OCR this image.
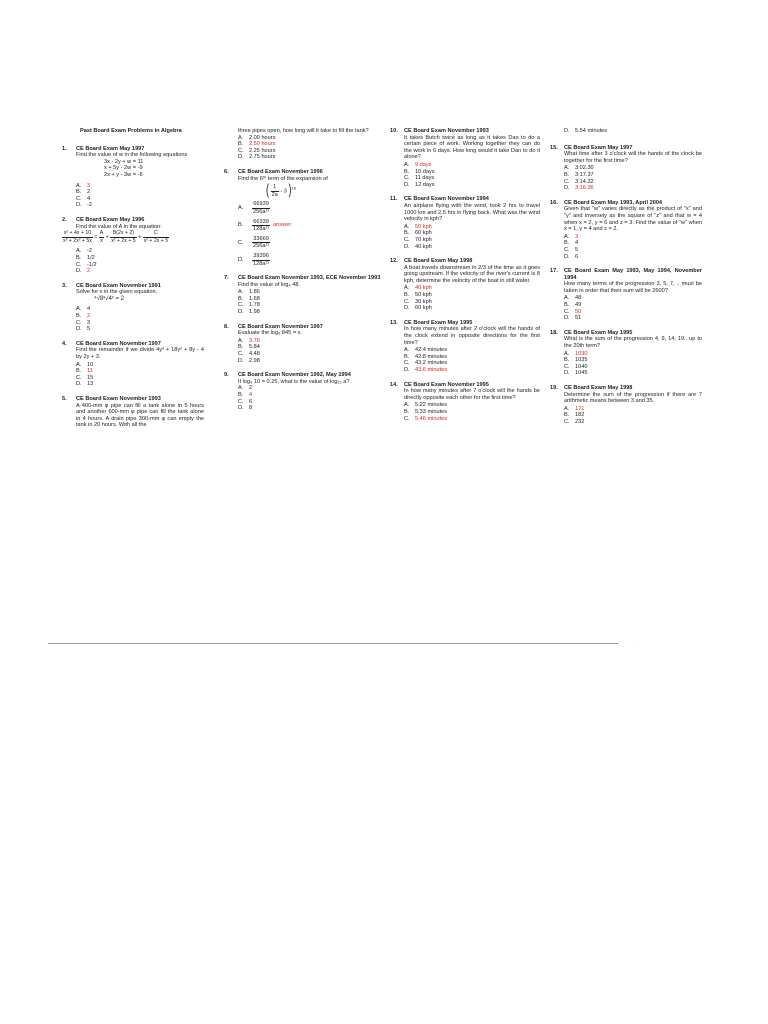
Past Board Exam Problems in Algebra
1.	CE Board Exam May 1997

Find the value of w in the following equations

3x - 2y + w = 11

x + 5y - 2w = -9

2x + y - 3w = -6

A.	3
B.	2
C. 4
D. -2
2.	CE Board Exam May 1996

Find the value of A in the equation:

$\frac{\text{x² + 4x + 10}}{\text{x³ + 2x² + 5x}} = \frac{A}{x} + \frac{B(2x + 2)}{\text{x² + 2x + 5}} + \frac{C}{\text{x² + 2x + 5}}$
A.	-2
B.	1/2
C. -1/2
D. 2
3.	CE Board Exam November 1991

Solve for x in the given equation.

⁴√8ˣ√4ˣ = 2

A.	4
B.	2
C. 3
D. 5
4.	CE Board Exam November 1997

Find the remainder if we divide 4y³ + 18y² + 8y - 4 by 2y + 3.

A.	10
B.	11
C. 15
D. 13
5.	CE Board Exam November 1993

A 400-mm φ pipe can fill a tank alone in 5 hours and another 600-mm φ pipe can fill the tank alone in 4 hours. A drain pipe 300-mm φ can empty the tank in 20 hours. With all the

three pipes open, how long will it take to fill the tank?

A.	2.00 hours
B.	2.50 hours
C. 2.25 hours
D. 2.75 hours
6.	CE Board Exam November 1996

Find the 6ᵗʰ term of the expansion of

( $\frac{1}{2a} - 3$ )$^{16}$
A.	$\frac{66939}{\text{256a¹¹}}$
B.	$\frac{66339}{\text{128a¹¹}}$ answer
C.	$\frac{33669}{\text{256a¹¹}}$
D.	$\frac{39396}{\text{128a¹¹}}$
7.	CE Board Exam November 1993, ECE November 1993

Find the value of log₄ 48.

A.	1.86
B.	1.68
C. 1.78
D. 1.98
8.	CE Board Exam November 1997

Evaluate the log₆ 845 = x.

A.	3.76
B.	5.84
C. 4.48
D. 2.98
9.	CE Board Exam November 1992, May 1994

If log₃ 10 = 0.25, what is the value of log₁₀ a?

A.	2
B.	4
C. 6
D. 8
10.	CE Board Exam November 1993

It takes Butch twice as long as it takes Dan to do a certain piece of work. Working together they can do the work in 6 days. How long would it take Dan to do it alone?

A.	9 days
B.	10 days
C. 11 days
D. 12 days
11.	CE Board Exam November 1994

An airplane flying with the wind, took 2 hrs to travel 1000 km and 2.5 hrs in flying back. What was the wind velocity in kph?

A.	50 kph
B.	60 kph
C. 70 kph
D. 40 kph
12.	CE Board Exam May 1998

A boat travels downstream in 2/3 of the time as it goes going upstream. If the velocity of the river's current is 8 kph, determine the velocity of the boat in still water.

A.	40 kph
B.	50 kph
C. 30 kph
D. 60 kph
13.	CE Board Exam May 1995

In how many minutes after 2 o'clock will the hands of the clock extend in opposite directions for the first time?

A.	42.4 minutes
B.	42.8 minutes
C. 43.2 minutes
D. 43.6 minutes
14.	CE Board Exam November 1995

In how many minutes after 7 o'clock will the hands be directly opposite each other for the first time?

A.	5.22 minutes
B.	5.33 minutes
C. 5.46 minutes
D. 5.54 minutes
15.	CE Board Exam May 1997

What time after 3 o'clock will the hands of the clock be together for the first time?

A.	3:02.30
B.	3:17.37
C. 3:14.32
D. 3:16.36
16.	CE Board Exam May 1993, April 2004

Given that "w" varies directly as the product of "x" and "y" and inversely as the square of "z" and that w = 4 when x = 2, y = 6 and z = 3. Find the value of "w" when x = 1, y = 4 and z = 2.

A.	3
B.	4
C. 5
D. 6
17.	CE Board Exam May 1993, May 1994, November 1994

How many terms of the progression 3, 5, 7, .. must be taken in order that their sum will be 2600?

A.	48
B.	49
C. 50
D. 51
18.	CE Board Exam May 1995

What is the sum of the progression 4, 9, 14, 19.. up to the 20th term?

A.	1030
B.	1035
C. 1040
D. 1045
19.	CE Board Exam May 1998

Determine the sum of the progression if there are 7 arithmetic means between 3 and 35.

A.	171
B.	182
C. 232
· ·
